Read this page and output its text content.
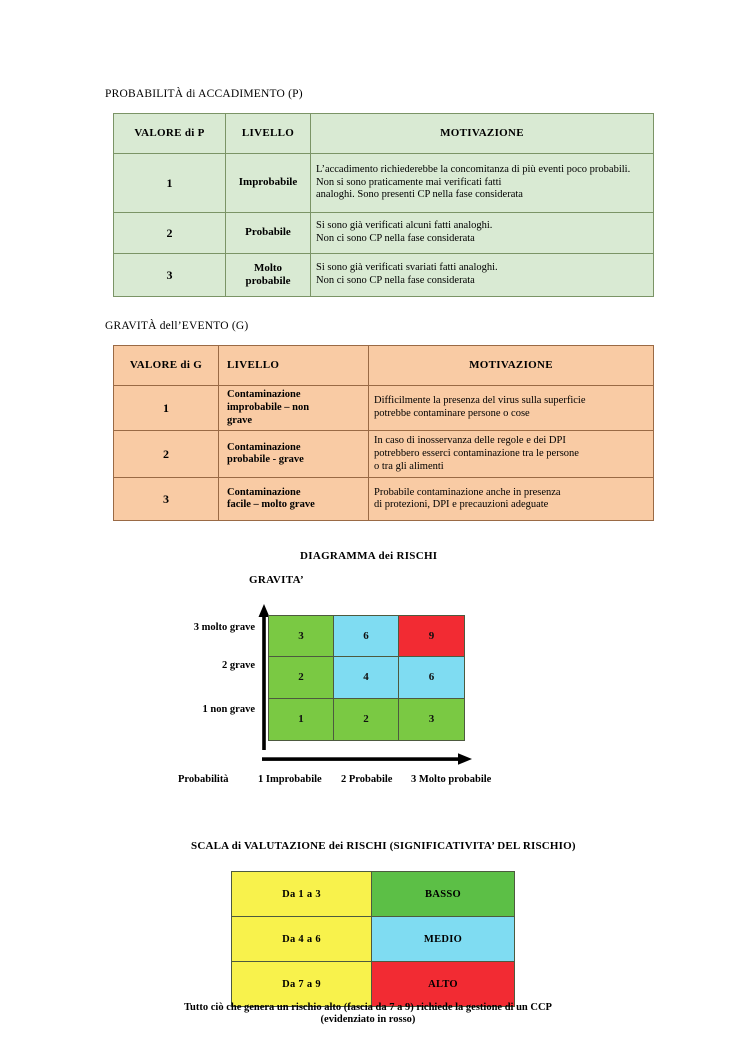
PROBABILITÀ di ACCADIMENTO (P)
VALORE di P	LIVELLO	MOTIVAZIONE
1	Improbabile	L’accadimento richiederebbe la concomitanza di più eventi poco probabili.
Non si sono praticamente mai verificati fatti
analoghi. Sono presenti CP nella fase considerata
2	Probabile	Si sono già verificati alcuni fatti analoghi.
Non ci sono CP nella fase considerata
3	Molto
probabile	Si sono già verificati svariati fatti analoghi.
Non ci sono CP nella fase considerata
GRAVITÀ dell’EVENTO (G)
VALORE di G	LIVELLO	MOTIVAZIONE
1	Contaminazione
improbabile – non
grave	Difficilmente la presenza del virus sulla superficie
potrebbe contaminare persone o cose
2	Contaminazione
probabile - grave	In caso di inosservanza delle regole e dei DPI
potrebbero esserci contaminazione tra le persone
o tra gli alimenti
3	Contaminazione
facile – molto grave	Probabile contaminazione anche in presenza
di protezioni, DPI e precauzioni adeguate
DIAGRAMMA dei RISCHI
GRAVITA’
3 molto grave
2 grave
1 non grave
3	6	9
2	4	6
1	2	3
Probabilità	1 Improbabile 2 Probabile 3 Molto probabile
SCALA di VALUTAZIONE dei RISCHI (SIGNIFICATIVITA’ DEL RISCHIO)
Da 1 a 3	BASSO
Da 4 a 6	MEDIO
Da 7 a 9	ALTO
Tutto ciò che genera un rischio alto (fascia da 7 a 9) richiede la gestione di un CCP
(evidenziato in rosso)
